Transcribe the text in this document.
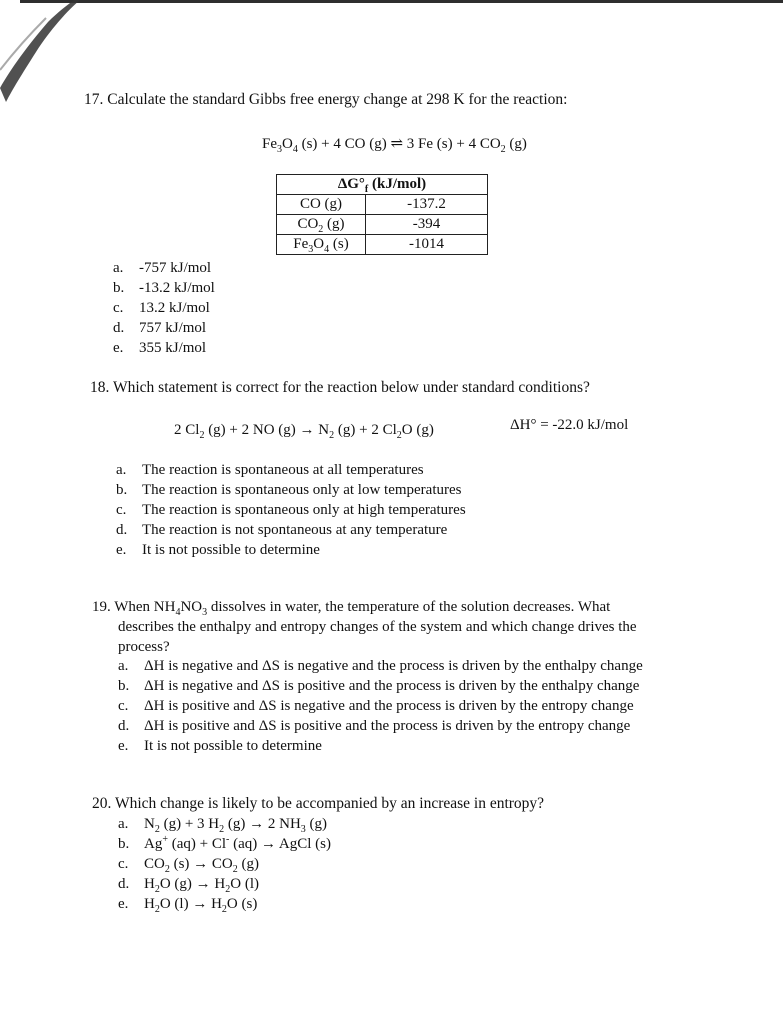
17. Calculate the standard Gibbs free energy change at 298 K for the reaction:
$Fe_3O_4$ (s) + 4 CO (g) ⇌ 3 Fe (s) + 4 $CO_2$ (g)
$\Delta G^\circ_f$ (kJ/mol)	
CO (g)	-137.2
$CO_2$ (g)	-394
$Fe_3O_4$ (s)	-1014
a. -757 kJ/mol
b. -13.2 kJ/mol
c. 13.2 kJ/mol
d. 757 kJ/mol
e. 355 kJ/mol
18. Which statement is correct for the reaction below under standard conditions?
2 $Cl_2$ (g) + 2 NO $(g) \to N_2$ (g) + 2 $Cl_2O$ (g)	ΔH° = -22.0 kJ/mol
a. The reaction is spontaneous at all temperatures
b. The reaction is spontaneous only at low temperatures
c. The reaction is spontaneous only at high temperatures
d. The reaction is not spontaneous at any temperature
e. It is not possible to determine
19. When $NH_4NO_3$ dissolves in water, the temperature of the solution decreases. What
describes the enthalpy and entropy changes of the system and which change drives the
process?
a. ΔH is negative and ΔS is negative and the process is driven by the enthalpy change
b. ΔH is negative and ΔS is positive and the process is driven by the enthalpy change
c. ΔH is positive and ΔS is negative and the process is driven by the entropy change
d. ΔH is positive and ΔS is positive and the process is driven by the entropy change
e. It is not possible to determine
20. Which change is likely to be accompanied by an increase in entropy?
a. $N_2$ (g) + 3 $H_2$ (g) → 2 $NH_3$ (g)
b. Ag+ (aq) + Cl- (aq) → AgCl (s)
c. $CO_2$ $(s) \to CO_2$ (g)
d. $H_2O$ $(g) \to H_2O$ (l)
e. $H_2O$ $(l) \to H_2O$ (s)
